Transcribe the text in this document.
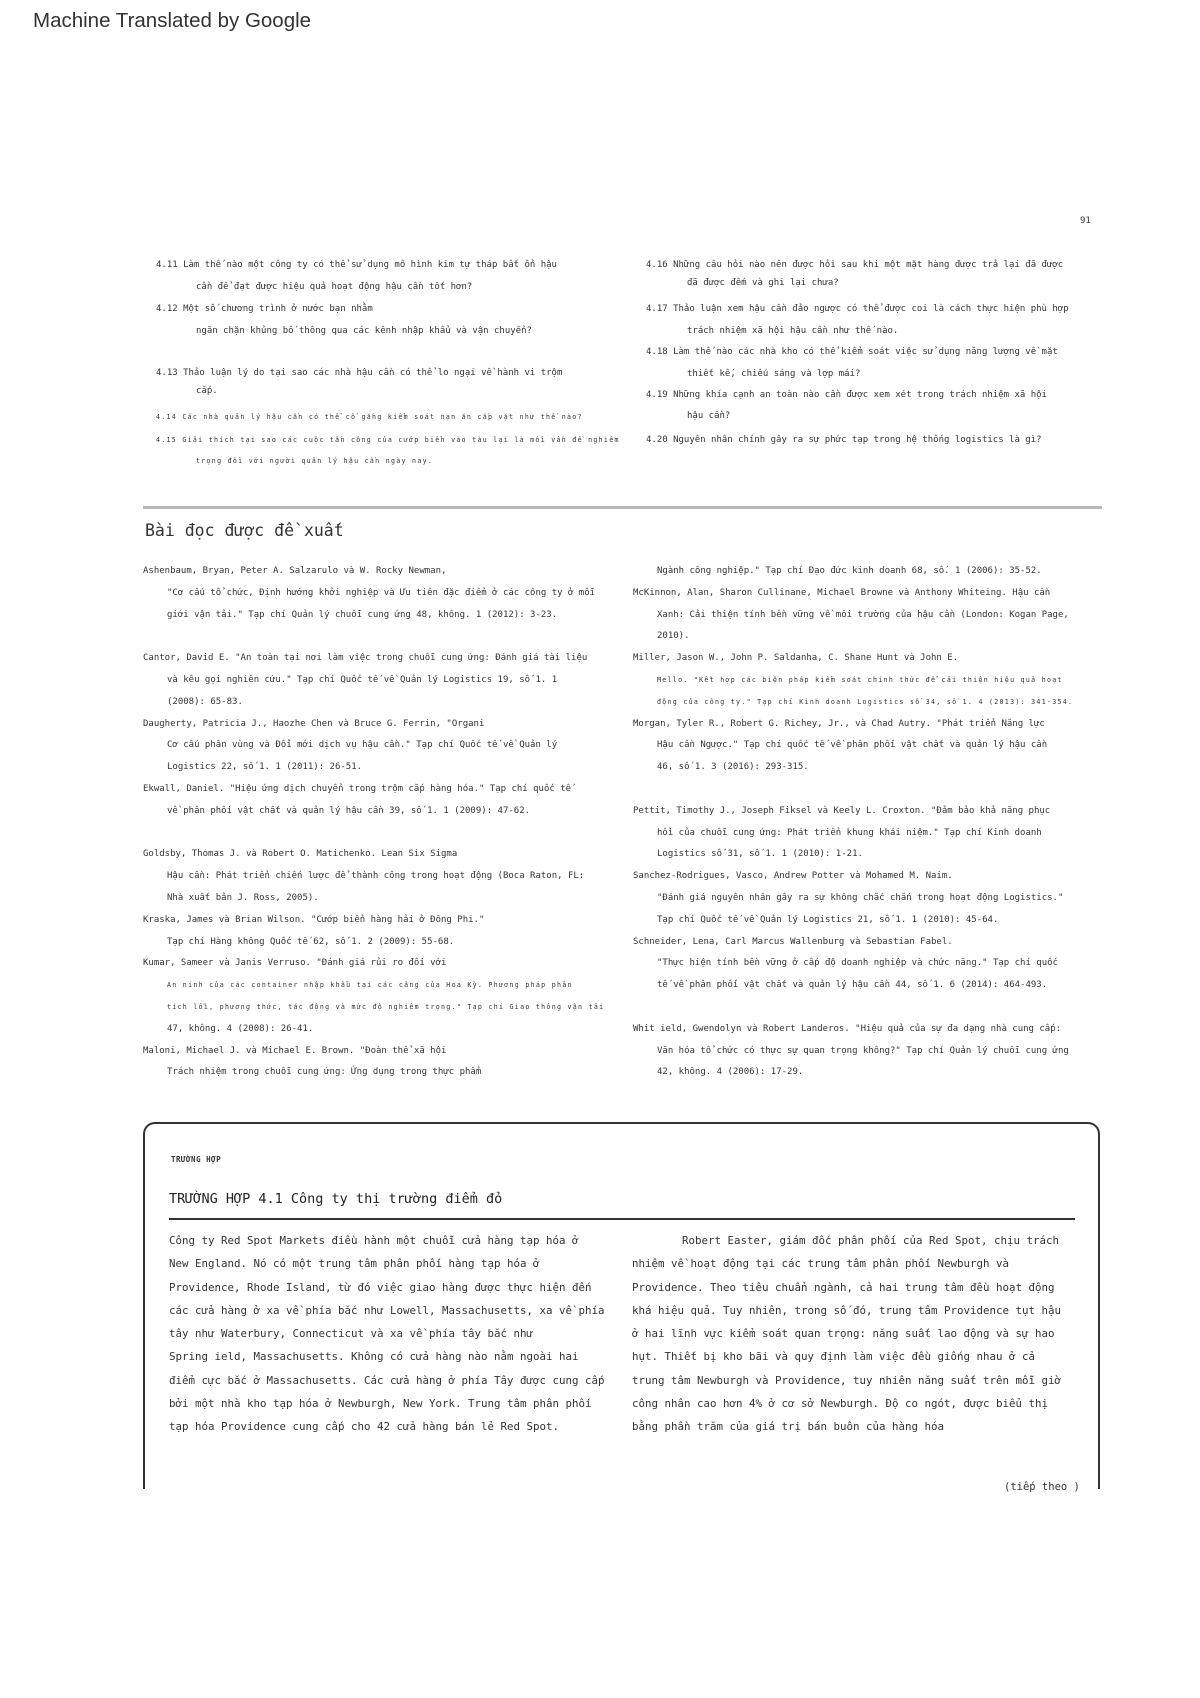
Machine Translated by Google
91
4.11 Làm thế nào một công ty có thể sử dụng mô hình kim tự tháp bất ổn hậu
cần để đạt được hiệu quả hoạt động hậu cần tốt hơn?
4.12 Một số chương trình ở nước bạn nhằm
ngăn chặn khủng bố thông qua các kênh nhập khẩu và vận chuyển?
4.13 Thảo luận lý do tại sao các nhà hậu cần có thể lo ngại về hành vi trộm
cắp.
4.14 Các nhà quản lý hậu cần có thể cố gắng kiểm soát nạn ăn cắp vặt như thế nào?
4.15 Giải thích tại sao các cuộc tấn công của cướp biển vào tàu lại là mối vấn đề nghiêm
trọng đối với người quản lý hậu cần ngày nay.
4.16 Những câu hỏi nào nên được hỏi sau khi một mặt hàng được trả lại đã được
đã được đếm và ghi lại chưa?
4.17 Thảo luận xem hậu cần đảo ngược có thể được coi là cách thực hiện phù hợp
trách nhiệm xã hội hậu cần như thế nào.
4.18 Làm thế nào các nhà kho có thể kiểm soát việc sử dụng năng lượng về mặt
thiết kế, chiếu sáng và lợp mái?
4.19 Những khía cạnh an toàn nào cần được xem xét trong trách nhiệm xã hội
hậu cần?
4.20 Nguyên nhân chính gây ra sự phức tạp trong hệ thống logistics là gì?
Bài đọc được đề xuất
Ashenbaum, Bryan, Peter A. Salzarulo và W. Rocky Newman,
"Cơ cấu tổ chức, Định hướng khởi nghiệp và Ưu tiên đặc điểm ở các công ty ở mỗi
giới vận tải." Tạp chí Quản lý chuỗi cung ứng 48, không. 1 (2012): 3-23.
Cantor, David E. "An toàn tại nơi làm việc trong chuỗi cung ứng: Đánh giá tài liệu
và kêu gọi nghiên cứu." Tạp chí Quốc tế về Quản lý Logistics 19, số 1. 1
(2008): 65-83.
Daugherty, Patricia J., Haozhe Chen và Bruce G. Ferrin, "Organi
Cơ cấu phân vùng và Đổi mới dịch vụ hậu cần." Tạp chí Quốc tế về Quản lý
Logistics 22, số 1. 1 (2011): 26-51.
Ekwall, Daniel. "Hiệu ứng dịch chuyển trong trộm cắp hàng hóa." Tạp chí quốc tế
về phân phối vật chất và quản lý hậu cần 39, số 1. 1 (2009): 47-62.
Goldsby, Thomas J. và Robert O. Matichenko. Lean Six Sigma
Hậu cần: Phát triển chiến lược để thành công trong hoạt động (Boca Raton, FL:
Nhà xuất bản J. Ross, 2005).
Kraska, James và Brian Wilson. "Cướp biển hàng hải ở Đông Phi."
Tạp chí Hàng không Quốc tế 62, số 1. 2 (2009): 55-68.
Kumar, Sameer và Janis Verruso. "Đánh giá rủi ro đối với
An ninh của các container nhập khẩu tại các cảng của Hoa Kỳ. Phương pháp phân
tích lỗi, phương thức, tác động và mức độ nghiêm trọng." Tạp chí Giao thông vận tải
47, không. 4 (2008): 26-41.
Maloni, Michael J. và Michael E. Brown. "Đoàn thể xã hội
Trách nhiệm trong chuỗi cung ứng: Ứng dụng trong thực phẩm
Ngành công nghiệp." Tạp chí Đạo đức kinh doanh 68, số. 1 (2006): 35-52.
McKinnon, Alan, Sharon Cullinane, Michael Browne và Anthony Whiteing. Hậu cần
Xanh: Cải thiện tính bền vững về môi trường của hậu cần (London: Kogan Page,
2010).
Miller, Jason W., John P. Saldanha, C. Shane Hunt và John E.
Mello. "Kết hợp các biện pháp kiểm soát chính thức để cải thiện hiệu quả hoạt
động của công ty." Tạp chí Kinh doanh Logistics số 34, số 1. 4 (2013): 341-354.
Morgan, Tyler R., Robert G. Richey, Jr., và Chad Autry. "Phát triển Năng lực
Hậu cần Ngược." Tạp chí quốc tế về phân phối vật chất và quản lý hậu cần
46, số 1. 3 (2016): 293-315.
Pettit, Timothy J., Joseph Fiksel và Keely L. Croxton. "Đảm bảo khả năng phục
hồi của chuỗi cung ứng: Phát triển khung khái niệm." Tạp chí Kinh doanh
Logistics số 31, số 1. 1 (2010): 1-21.
Sanchez-Rodrigues, Vasco, Andrew Potter và Mohamed M. Naim.
"Đánh giá nguyên nhân gây ra sự không chắc chắn trong hoạt động Logistics."
Tạp chí Quốc tế về Quản lý Logistics 21, số 1. 1 (2010): 45-64.
Schneider, Lena, Carl Marcus Wallenburg và Sebastian Fabel.
"Thực hiện tính bền vững ở cấp độ doanh nghiệp và chức năng." Tạp chí quốc
tế về phân phối vật chất và quản lý hậu cần 44, số 1. 6 (2014): 464-493.
Whit ield, Gwendolyn và Robert Landeros. "Hiệu quả của sự đa dạng nhà cung cấp:
Văn hóa tổ chức có thực sự quan trọng không?" Tạp chí Quản lý chuỗi cung ứng
42, không. 4 (2006): 17-29.
TRƯỜNG HỢP
TRƯỜNG HỢP 4.1 Công ty thị trường điểm đỏ
Công ty Red Spot Markets điều hành một chuỗi cửa hàng tạp hóa ở
New England. Nó có một trung tâm phân phối hàng tạp hóa ở
Providence, Rhode Island, từ đó việc giao hàng được thực hiện đến
các cửa hàng ở xa về phía bắc như Lowell, Massachusetts, xa về phía
tây như Waterbury, Connecticut và xa về phía tây bắc như
Spring ield, Massachusetts. Không có cửa hàng nào nằm ngoài hai
điểm cực bắc ở Massachusetts. Các cửa hàng ở phía Tây được cung cấp
bởi một nhà kho tạp hóa ở Newburgh, New York. Trung tâm phân phối
tạp hóa Providence cung cấp cho 42 cửa hàng bán lẻ Red Spot.
Robert Easter, giám đốc phân phối của Red Spot, chịu trách
nhiệm về hoạt động tại các trung tâm phân phối Newburgh và
Providence. Theo tiêu chuẩn ngành, cả hai trung tâm đều hoạt động
khá hiệu quả. Tuy nhiên, trong số đó, trung tâm Providence tụt hậu
ở hai lĩnh vực kiểm soát quan trọng: năng suất lao động và sự hao
hụt. Thiết bị kho bãi và quy định làm việc đều giống nhau ở cả
trung tâm Newburgh và Providence, tuy nhiên năng suất trên mỗi giờ
công nhân cao hơn 4% ở cơ sở Newburgh. Độ co ngót, được biểu thị
bằng phần trăm của giá trị bán buôn của hàng hóa
(tiếp theo )
